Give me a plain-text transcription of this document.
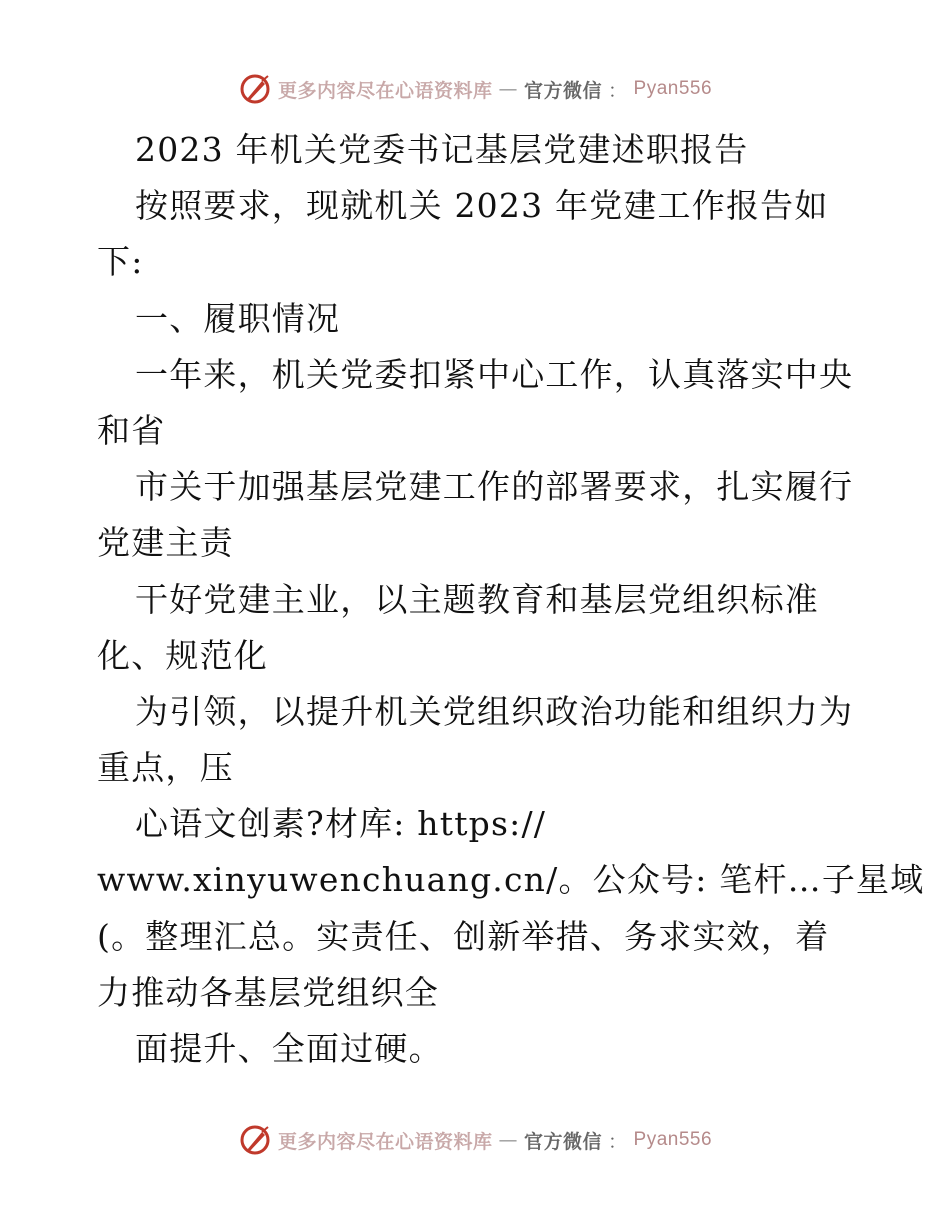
更多内容尽在心语资料库 — 官方微信 ： Pyan556
2023 年机关党委书记基层党建述职报告
按照要求，现就机关 2023 年党建工作报告如
下:
一、履职情况
一年来，机关党委扣紧中心工作，认真落实中央
和省
市关于加强基层党建工作的部署要求，扎实履行
党建主责
干好党建主业，以主题教育和基层党组织标准
化、规范化
为引领，以提升机关党组织政治功能和组织力为
重点，压
心语文创素?材库: https://
www.xinyuwenchuang.cn/。公众号: 笔杆…子星域
(。整理汇总。实责任、创新举措、务求实效，着
力推动各基层党组织全
面提升、全面过硬。
更多内容尽在心语资料库 — 官方微信 ： Pyan556
